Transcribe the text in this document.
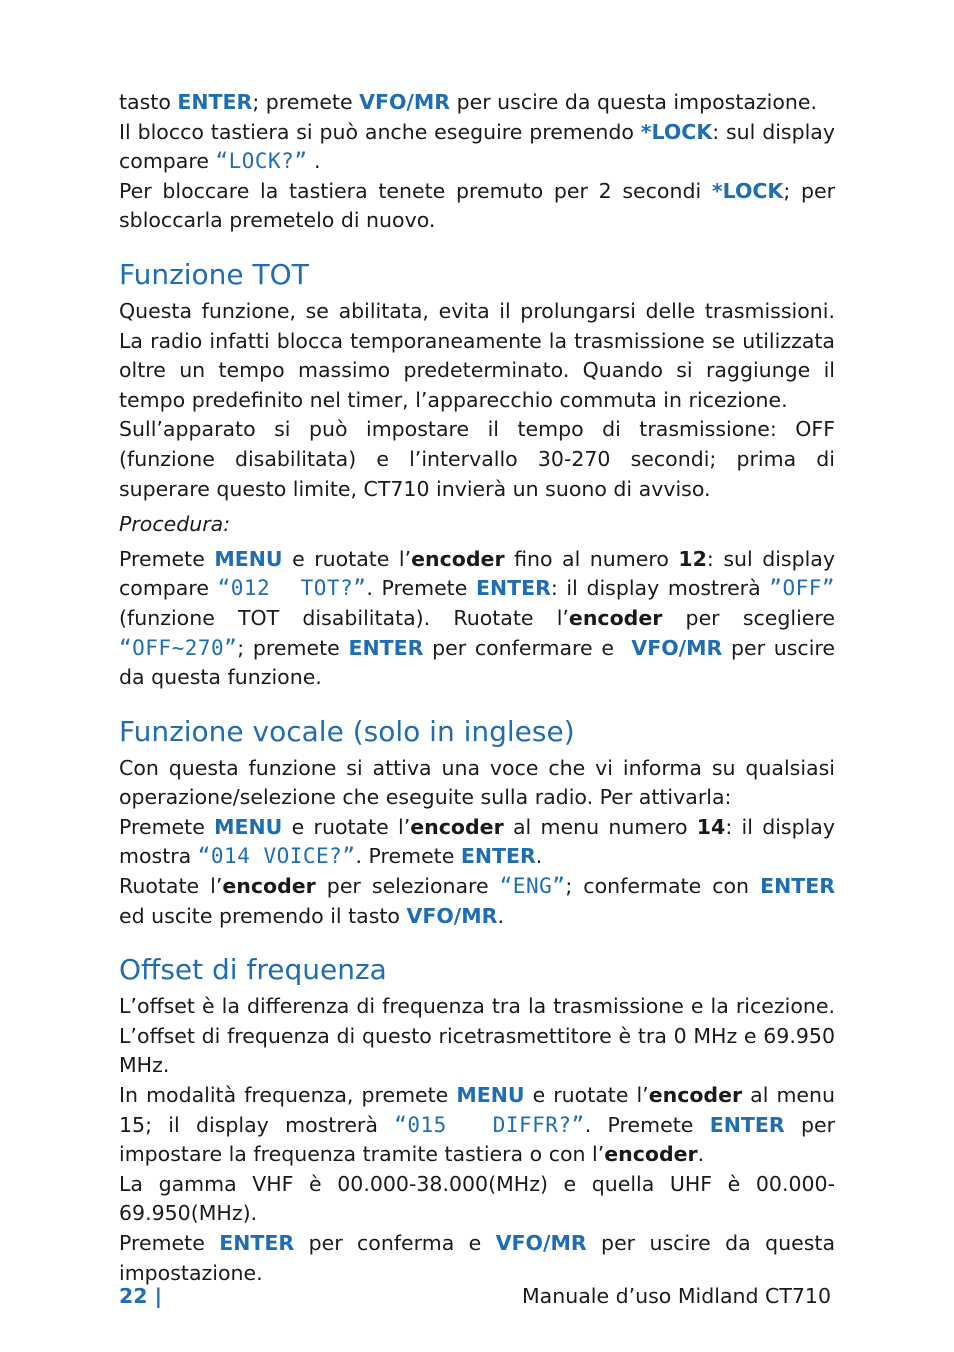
tasto ENTER; premete VFO/MR per uscire da questa impostazione.

Il blocco tastiera si può anche eseguire premendo *LOCK: sul display compare “LOCK?” .

Per bloccare la tastiera tenete premuto per 2 secondi *LOCK; per sbloccarla premetelo di nuovo.

Funzione TOT

Questa funzione, se abilitata, evita il prolungarsi delle trasmissioni. La radio infatti blocca temporaneamente la trasmissione se utilizzata oltre un tempo massimo predeterminato. Quando si raggiunge il tempo predefinito nel timer, l’apparecchio commuta in ricezione.

Sull’apparato si può impostare il tempo di trasmissione: OFF (funzione disabilitata) e l’intervallo 30-270 secondi; prima di superare questo limite, CT710 invierà un suono di avviso.

Procedura:

Premete MENU e ruotate l’encoder fino al numero 12: sul display compare “012  TOT?”. Premete ENTER: il display mostrerà ”OFF” (funzione TOT disabilitata). Ruotate l’encoder per scegliere “OFF~270”; premete ENTER per confermare e  VFO/MR per uscire da questa funzione.

Funzione vocale (solo in inglese)

Con questa funzione si attiva una voce che vi informa su qualsiasi operazione/selezione che eseguite sulla radio. Per attivarla:

Premete MENU e ruotate l’encoder al menu numero 14: il display mostra “014 VOICE?”. Premete ENTER.

Ruotate l’encoder per selezionare “ENG”; confermate con ENTER ed uscite premendo il tasto VFO/MR.

Offset di frequenza

L’offset è la differenza di frequenza tra la trasmissione e la ricezione. L’offset di frequenza di questo ricetrasmettitore è tra 0 MHz e 69.950 MHz.

In modalità frequenza, premete MENU e ruotate l’encoder al menu 15; il display mostrerà “015  DIFFR?”. Premete ENTER per impostare la frequenza tramite tastiera o con l’encoder.

La gamma VHF è 00.000-38.000(MHz) e quella UHF è 00.000-69.950(MHz).

Premete ENTER per conferma e VFO/MR per uscire da questa impostazione.

22 |	Manuale d’uso Midland CT710
